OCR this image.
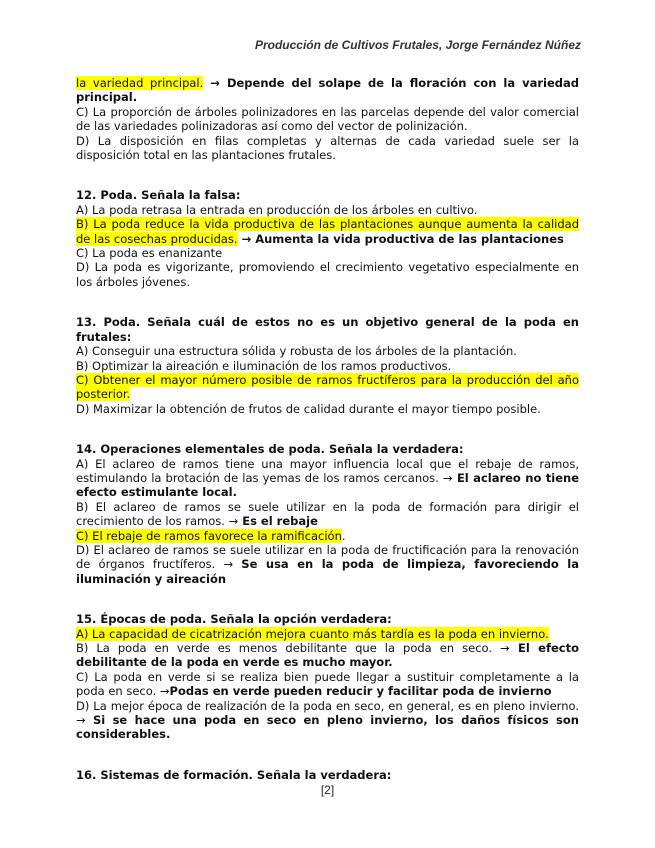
Producción de Cultivos Frutales, Jorge Fernández Núñez

la variedad principal. → Depende del solape de la floración con la variedad principal.

C) La proporción de árboles polinizadores en las parcelas depende del valor comercial de las variedades polinizadoras así como del vector de polinización.

D) La disposición en filas completas y alternas de cada variedad suele ser la disposición total en las plantaciones frutales.

12. Poda. Señala la falsa:

A) La poda retrasa la entrada en producción de los árboles en cultivo.

B) La poda reduce la vida productiva de las plantaciones aunque aumenta la calidad de las cosechas producidas. → Aumenta la vida productiva de las plantaciones

C) La poda es enanizante

D) La poda es vigorizante, promoviendo el crecimiento vegetativo especialmente en los árboles jóvenes.

13. Poda. Señala cuál de estos no es un objetivo general de la poda en frutales:

A) Conseguir una estructura sólida y robusta de los árboles de la plantación.

B) Optimizar la aireación e iluminación de los ramos productivos.

C) Obtener el mayor número posible de ramos fructíferos para la producción del año posterior.

D) Maximizar la obtención de frutos de calidad durante el mayor tiempo posible.

14. Operaciones elementales de poda. Señala la verdadera:

A) El aclareo de ramos tiene una mayor influencia local que el rebaje de ramos, estimulando la brotación de las yemas de los ramos cercanos. → El aclareo no tiene efecto estimulante local.

B) El aclareo de ramos se suele utilizar en la poda de formación para dirigir el crecimiento de los ramos. → Es el rebaje

C) El rebaje de ramos favorece la ramificación.

D) El aclareo de ramos se suele utilizar en la poda de fructificación para la renovación de órganos fructíferos. → Se usa en la poda de limpieza, favoreciendo la iluminación y aireación

15. Épocas de poda. Señala la opción verdadera:

A) La capacidad de cicatrización mejora cuanto más tardía es la poda en invierno.

B) La poda en verde es menos debilitante que la poda en seco. → El efecto debilitante de la poda en verde es mucho mayor.

C) La poda en verde si se realiza bien puede llegar a sustituir completamente a la poda en seco. →Podas en verde pueden reducir y facilitar poda de invierno

D) La mejor época de realización de la poda en seco, en general, es en pleno invierno. → Si se hace una poda en seco en pleno invierno, los daños físicos son considerables.

16. Sistemas de formación. Señala la verdadera:

[2]
